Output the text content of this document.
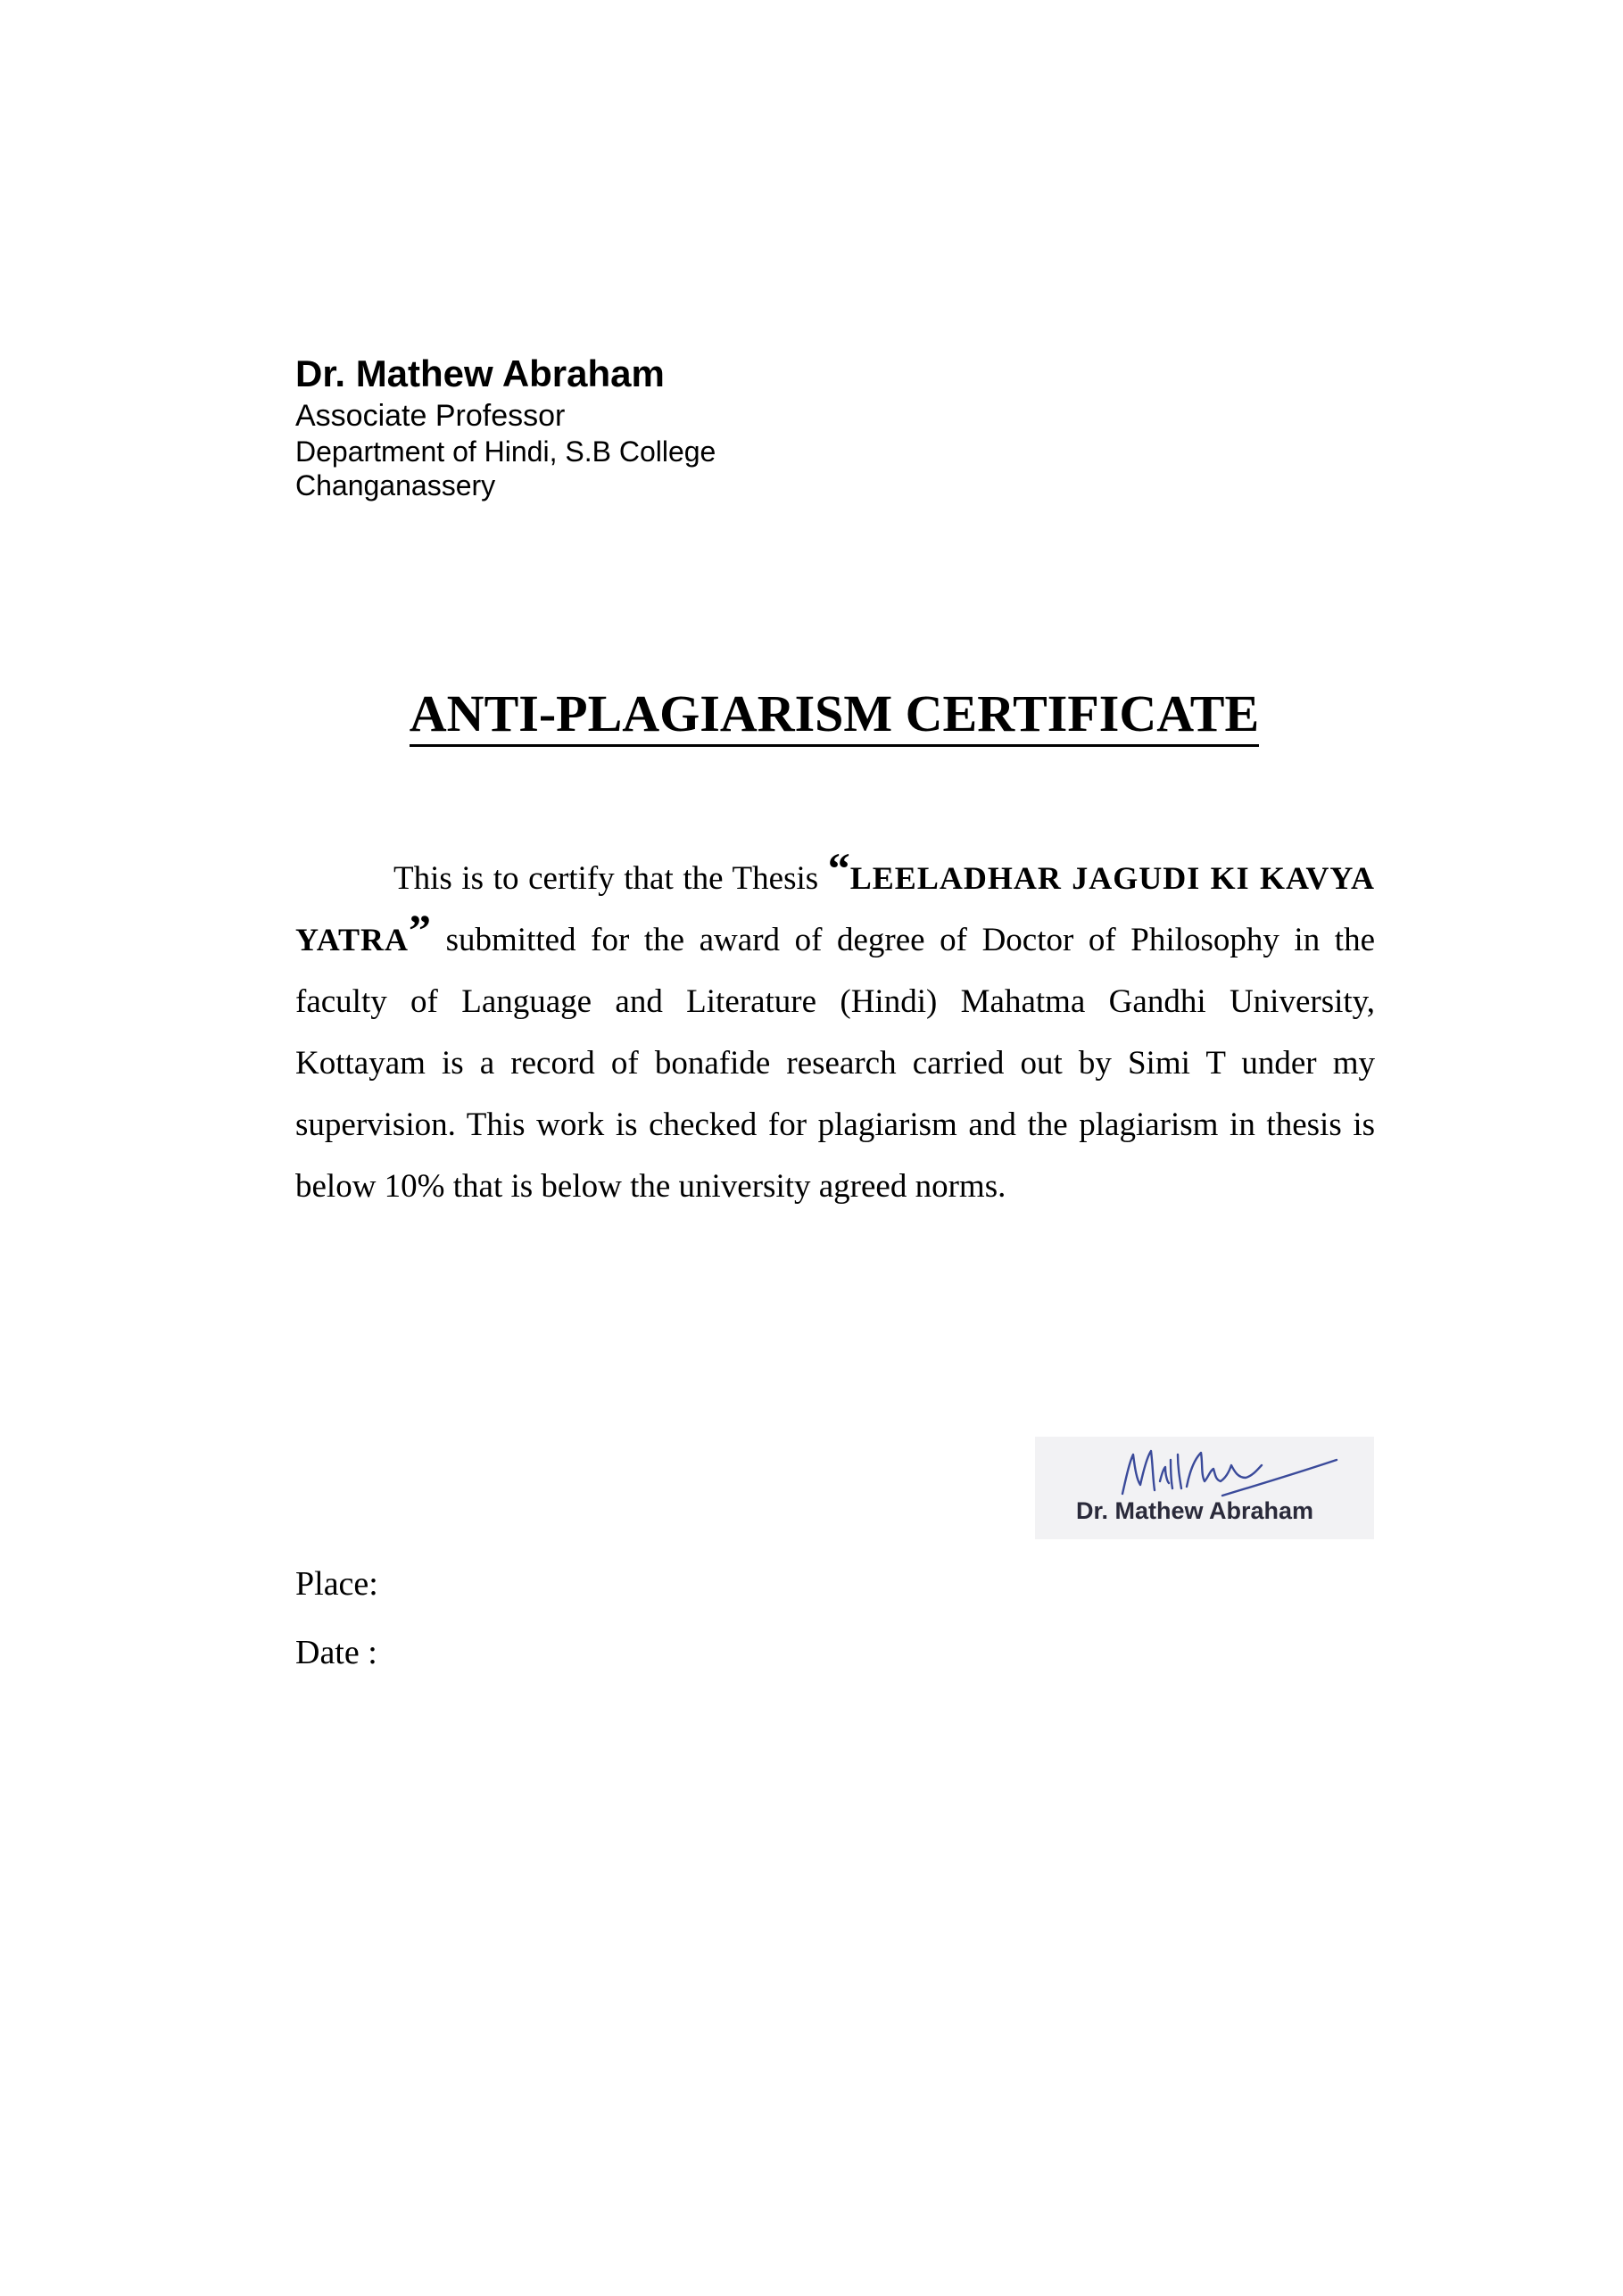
Dr. Mathew Abraham
Associate Professor
Department of Hindi, S.B College
Changanassery
ANTI-PLAGIARISM CERTIFICATE
This is to certify that the Thesis “LEELADHAR JAGUDI KI KAVYA YATRA” submitted for the award of degree of Doctor of Philosophy in the faculty of Language and Literature (Hindi) Mahatma Gandhi University, Kottayam is a record of bonafide research carried out by Simi T under my supervision. This work is checked for plagiarism and the plagiarism in thesis is below 10% that is below the university agreed norms.
Dr. Mathew Abraham
Place:
Date :
